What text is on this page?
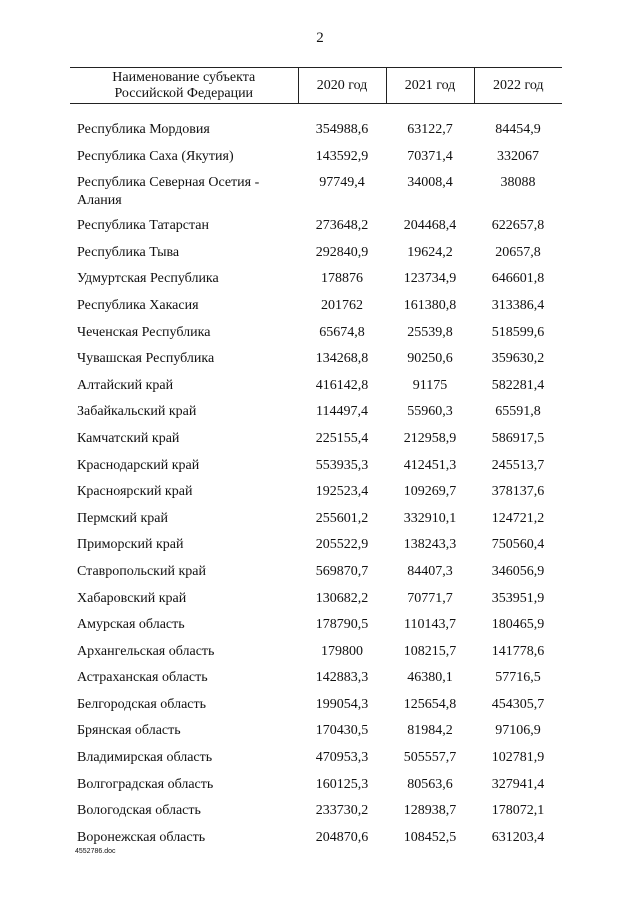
2
Наименование субъекта
Российской Федерации	2020 год	2021 год	2022 год

Республика Мордовия	354988,6	63122,7	84454,9
Республика Саха (Якутия)	143592,9	70371,4	332067
Республика Северная Осетия - Алания	97749,4	34008,4	38088
Республика Татарстан	273648,2	204468,4	622657,8
Республика Тыва	292840,9	19624,2	20657,8
Удмуртская Республика	178876	123734,9	646601,8
Республика Хакасия	201762	161380,8	313386,4
Чеченская Республика	65674,8	25539,8	518599,6
Чувашская Республика	134268,8	90250,6	359630,2
Алтайский край	416142,8	91175	582281,4
Забайкальский край	114497,4	55960,3	65591,8
Камчатский край	225155,4	212958,9	586917,5
Краснодарский край	553935,3	412451,3	245513,7
Красноярский край	192523,4	109269,7	378137,6
Пермский край	255601,2	332910,1	124721,2
Приморский край	205522,9	138243,3	750560,4
Ставропольский край	569870,7	84407,3	346056,9
Хабаровский край	130682,2	70771,7	353951,9
Амурская область	178790,5	110143,7	180465,9
Архангельская область	179800	108215,7	141778,6
Астраханская область	142883,3	46380,1	57716,5
Белгородская область	199054,3	125654,8	454305,7
Брянская область	170430,5	81984,2	97106,9
Владимирская область	470953,3	505557,7	102781,9
Волгоградская область	160125,3	80563,6	327941,4
Вологодская область	233730,2	128938,7	178072,1
Воронежская область	204870,6	108452,5	631203,4
4552786.doc
